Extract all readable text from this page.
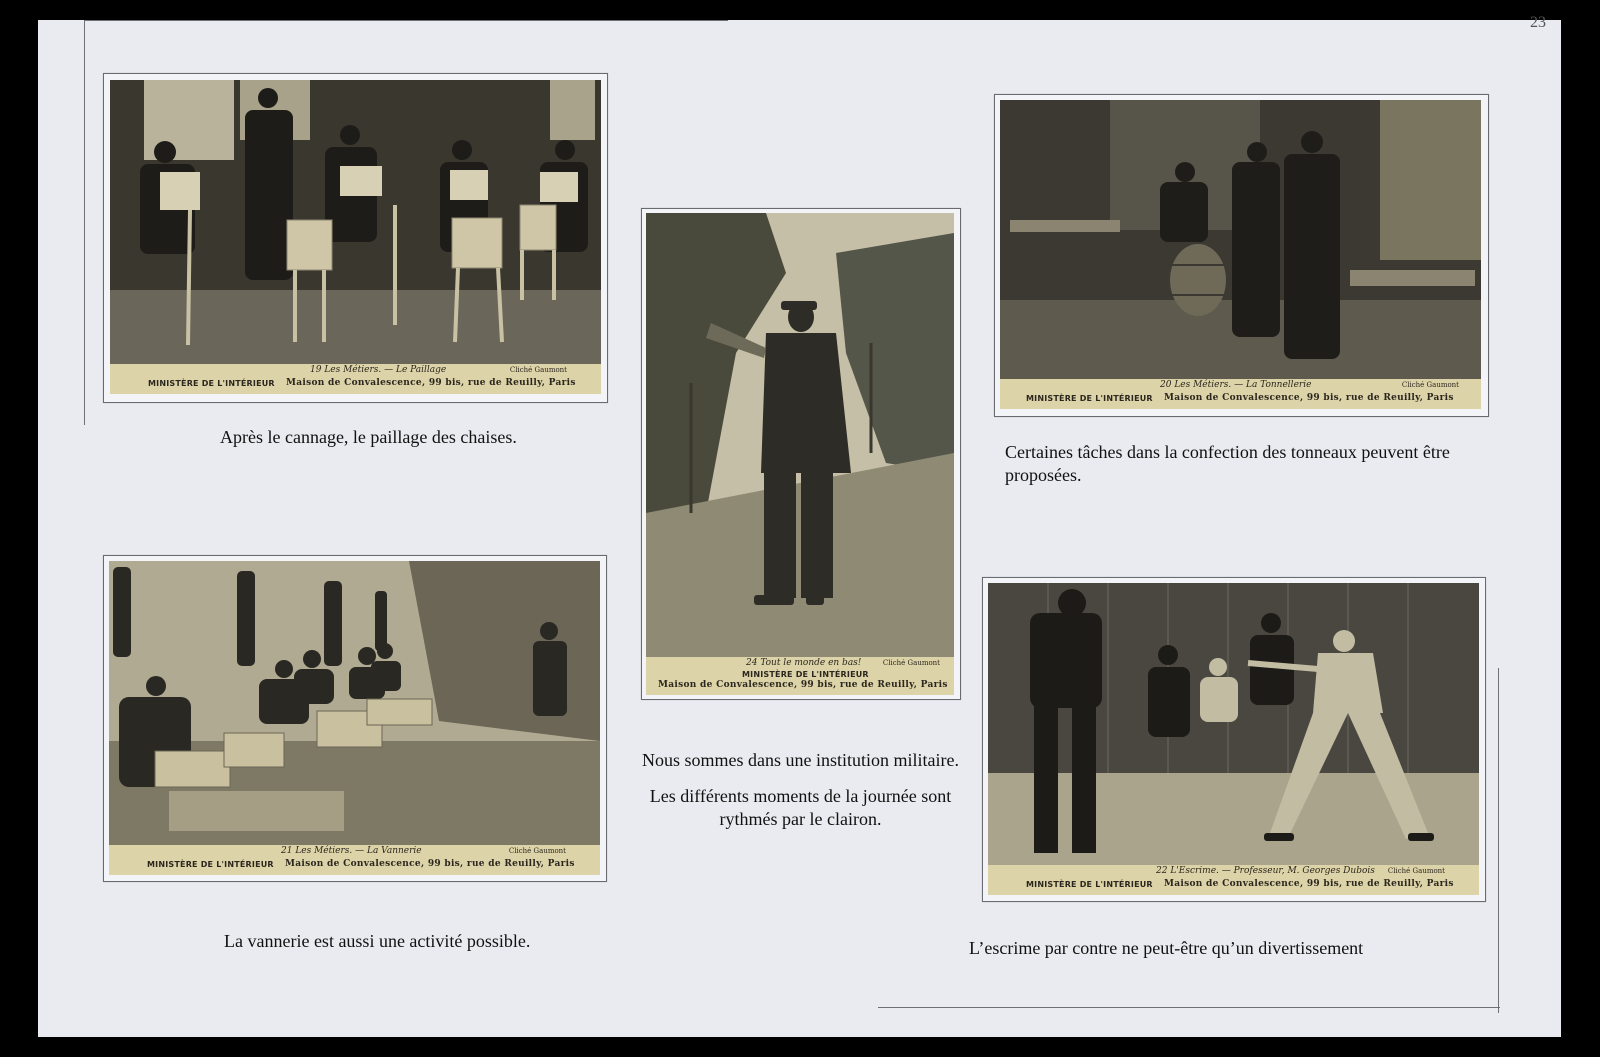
23
19 Les Métiers. — Le Paillage	Cliché Gaumont
MINISTÈRE DE L'INTÉRIEUR Maison de Convalescence, 99 bis, rue de Reuilly, Paris
24 Tout le monde en bas!	Cliché Gaumont
MINISTÈRE DE L'INTÉRIEUR
Maison de Convalescence, 99 bis, rue de Reuilly, Paris
20 Les Métiers. — La Tonnellerie	Cliché Gaumont
MINISTÈRE DE L'INTÉRIEUR Maison de Convalescence, 99 bis, rue de Reuilly, Paris
21 Les Métiers. — La Vannerie	Cliché Gaumont
MINISTÈRE DE L'INTÉRIEUR Maison de Convalescence, 99 bis, rue de Reuilly, Paris
22 L'Escrime. — Professeur, M. Georges Dubois Cliché Gaumont
MINISTÈRE DE L'INTÉRIEUR Maison de Convalescence, 99 bis, rue de Reuilly, Paris
Après le cannage, le paillage des chaises.
Certaines tâches dans la confection des tonneaux peuvent être proposées.
Nous sommes dans une institution militaire.
Les différents moments de la journée sont rythmés par le clairon.
La vannerie est aussi une activité possible.	L’escrime par contre ne peut-être qu’un divertissement
